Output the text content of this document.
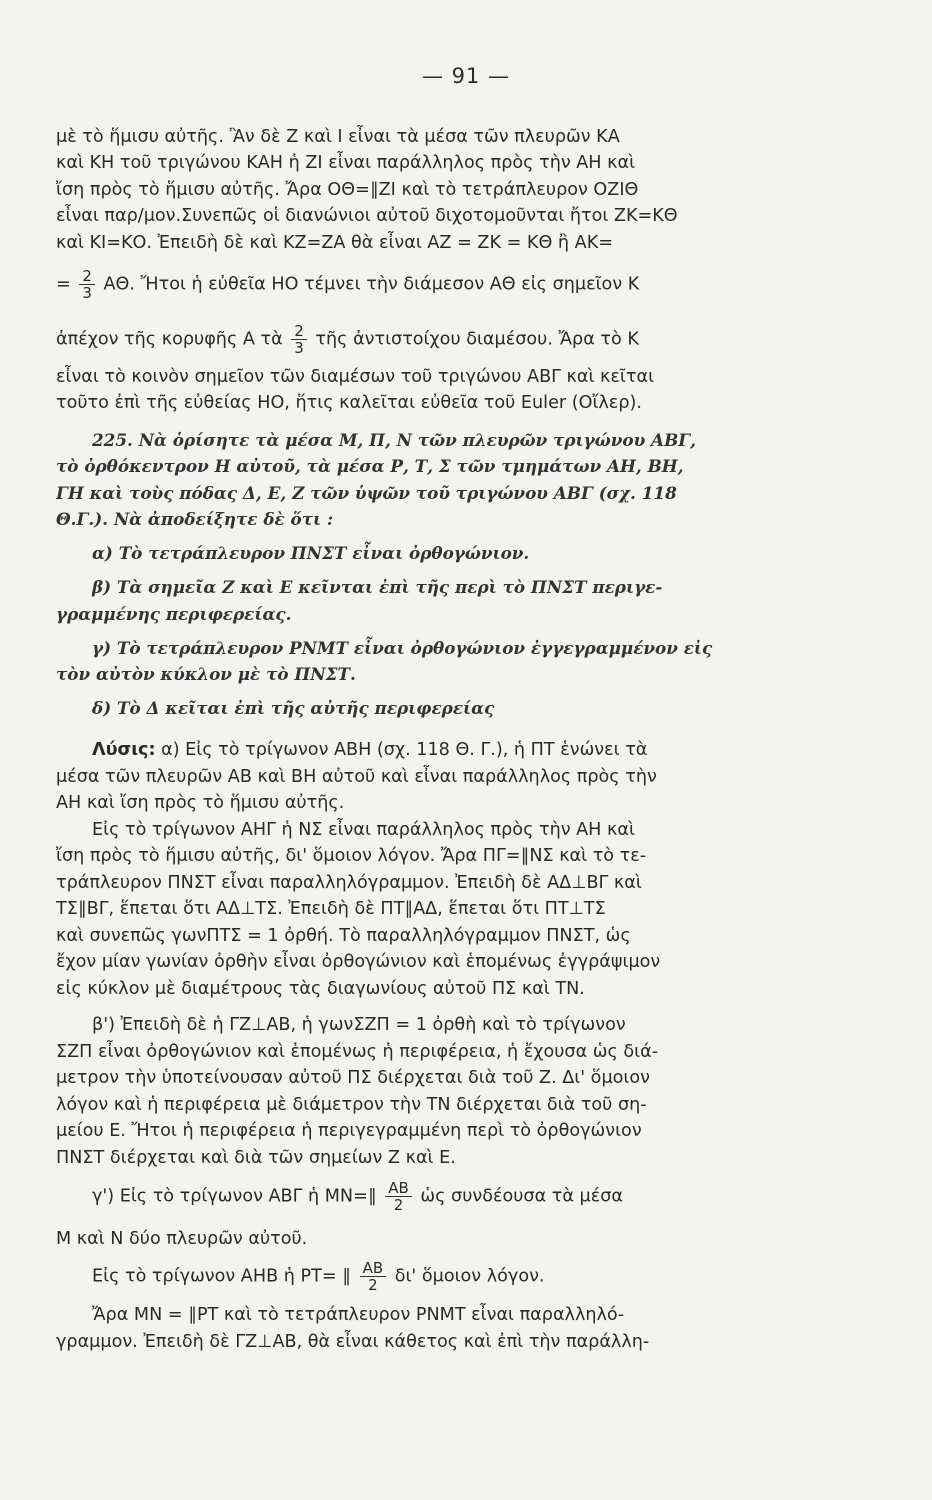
— 91 —
μὲ τὸ ἥμισυ αὐτῆς. Ἂν δὲ Ζ καὶ Ι εἶναι τὰ μέσα τῶν πλευρῶν ΚΑ
καὶ ΚΗ τοῦ τριγώνου ΚΑΗ ἡ ΖΙ εἶναι παράλληλος πρὸς τὴν ΑΗ καὶ
ἴση πρὸς τὸ ἥμισυ αὐτῆς. Ἄρα ΟΘ=∥ΖΙ καὶ τὸ τετράπλευρον ΟΖΙΘ
εἶναι παρ/μον.Συνεπῶς οἱ διανώνιοι αὐτοῦ διχοτομοῦνται ἤτοι ΖΚ=ΚΘ
καὶ ΚΙ=ΚΟ. Ἐπειδὴ δὲ καὶ ΚΖ=ΖΑ θὰ εἶναι ΑΖ = ΖΚ = ΚΘ ἢ ΑΚ=
= $\frac{2}{3} A\Theta$. Ἤτοι ἡ εὐθεῖα ΗΟ τέμνει τὴν διάμεσον ΑΘ εἰς σημεῖον Κ
ἀπέχον τῆς κορυφῆς Α τὰ $\frac{2}{3}$ τῆς ἀντιστοίχου διαμέσου. Ἄρα τὸ Κ
εἶναι τὸ κοινὸν σημεῖον τῶν διαμέσων τοῦ τριγώνου ΑΒΓ καὶ κεῖται
τοῦτο ἐπὶ τῆς εὐθείας ΗΟ, ἥτις καλεῖται εὐθεῖα τοῦ Euler (Οἴλερ).
225. Νὰ ὁρίσητε τὰ μέσα Μ, Π, Ν τῶν πλευρῶν τριγώνου ΑΒΓ,
τὸ ὀρθόκεντρον Η αὐτοῦ, τὰ μέσα Ρ, Τ, Σ τῶν τμημάτων ΑΗ, ΒΗ,
ΓΗ καὶ τοὺς πόδας Δ, Ε, Ζ τῶν ὑψῶν τοῦ τριγώνου ΑΒΓ (σχ. 118
Θ.Γ.). Νὰ ἀποδείξητε δὲ ὅτι :
α) Τὸ τετράπλευρον ΠΝΣΤ εἶναι ὀρθογώνιον.
β) Τὰ σημεῖα Ζ καὶ Ε κεῖνται ἐπὶ τῆς περὶ τὸ ΠΝΣΤ περιγε-
γραμμένης περιφερείας.
γ) Τὸ τετράπλευρον ΡΝΜΤ εἶναι ὀρθογώνιον ἐγγεγραμμένον εἰς
τὸν αὐτὸν κύκλον μὲ τὸ ΠΝΣΤ.
δ) Τὸ Δ κεῖται ἐπὶ τῆς αὐτῆς περιφερείας
Λύσις: α) Εἰς τὸ τρίγωνον ΑΒΗ (σχ. 118 Θ. Γ.), ἡ ΠΤ ἑνώνει τὰ
μέσα τῶν πλευρῶν ΑΒ καὶ ΒΗ αὐτοῦ καὶ εἶναι παράλληλος πρὸς τὴν
ΑΗ καὶ ἴση πρὸς τὸ ἥμισυ αὐτῆς.
Εἰς τὸ τρίγωνον ΑΗΓ ἡ ΝΣ εἶναι παράλληλος πρὸς τὴν ΑΗ καὶ
ἴση πρὸς τὸ ἥμισυ αὐτῆς, δι' ὅμοιον λόγον. Ἄρα ΠΓ=∥ΝΣ καὶ τὸ τε-
τράπλευρον ΠΝΣΤ εἶναι παραλληλόγραμμον. Ἐπειδὴ δὲ ΑΔ⊥ΒΓ καὶ
ΤΣ∥ΒΓ, ἕπεται ὅτι ΑΔ⊥ΤΣ. Ἐπειδὴ δὲ ΠΤ∥ΑΔ, ἕπεται ὅτι ΠΤ⊥ΤΣ
καὶ συνεπῶς γωνΠΤΣ = 1 ὀρθή. Τὸ παραλληλόγραμμον ΠΝΣΤ, ὡς
ἔχον μίαν γωνίαν ὀρθὴν εἶναι ὀρθογώνιον καὶ ἑπομένως ἐγγράψιμον
εἰς κύκλον μὲ διαμέτρους τὰς διαγωνίους αὐτοῦ ΠΣ καὶ ΤΝ.
β') Ἐπειδὴ δὲ ἡ ΓΖ⊥ΑΒ, ἡ γωνΣΖΠ = 1 ὀρθὴ καὶ τὸ τρίγωνον
ΣΖΠ εἶναι ὀρθογώνιον καὶ ἑπομένως ἡ περιφέρεια, ἡ ἔχουσα ὡς διά-
μετρον τὴν ὑποτείνουσαν αὐτοῦ ΠΣ διέρχεται διὰ τοῦ Ζ. Δι' ὅμοιον
λόγον καὶ ἡ περιφέρεια μὲ διάμετρον τὴν ΤΝ διέρχεται διὰ τοῦ ση-
μείου Ε. Ἤτοι ἡ περιφέρεια ἡ περιγεγραμμένη περὶ τὸ ὀρθογώνιον
ΠΝΣΤ διέρχεται καὶ διὰ τῶν σημείων Ζ καὶ Ε.
γ') Εἰς τὸ τρίγωνον ΑΒΓ ἡ ΜΝ=∥ $\frac{AB}{2}$ ὡς συνδέουσα τὰ μέσα
Μ καὶ Ν δύο πλευρῶν αὐτοῦ.
Εἰς τὸ τρίγωνον ΑΗΒ ἡ ΡΤ= ∥ $\frac{AB}{2} \delta\iota'$ ὅμοιον λόγον.
Ἄρα ΜΝ = ∥ΡΤ καὶ τὸ τετράπλευρον ΡΝΜΤ εἶναι παραλληλό-
γραμμον. Ἐπειδὴ δὲ ΓΖ⊥ΑΒ, θὰ εἶναι κάθετος καὶ ἐπὶ τὴν παράλλη-
